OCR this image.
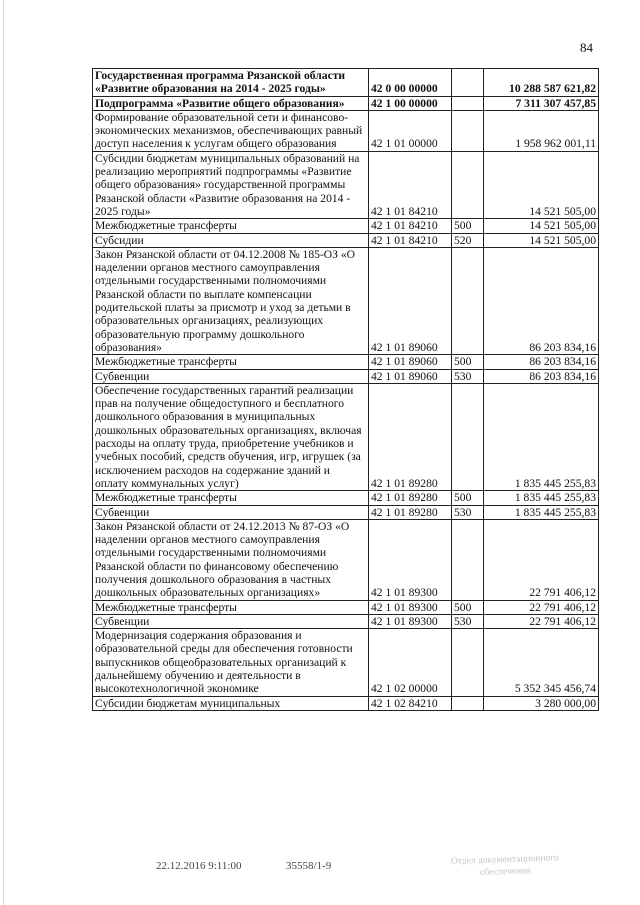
84
Государственная программа Рязанской области «Развитие образования на 2014 - 2025 годы»	42 0 00 00000		10 288 587 621,82
Подпрограмма «Развитие общего образования»	42 1 00 00000		7 311 307 457,85
Формирование образовательной сети и финансово-экономических механизмов, обеспечивающих равный доступ населения к услугам общего образования	42 1 01 00000		1 958 962 001,11
Субсидии бюджетам муниципальных образований на реализацию мероприятий подпрограммы «Развитие общего образования» государственной программы Рязанской области «Развитие образования на 2014 - 2025 годы»	42 1 01 84210		14 521 505,00
Межбюджетные трансферты	42 1 01 84210	500	14 521 505,00
Субсидии	42 1 01 84210	520	14 521 505,00
Закон Рязанской области от 04.12.2008 № 185-ОЗ «О наделении органов местного самоуправления отдельными государственными полномочиями Рязанской области по выплате компенсации родительской платы за присмотр и уход за детьми в образовательных организациях, реализующих образовательную программу дошкольного образования»	42 1 01 89060		86 203 834,16
Межбюджетные трансферты	42 1 01 89060	500	86 203 834,16
Субвенции	42 1 01 89060	530	86 203 834,16
Обеспечение государственных гарантий реализации прав на получение общедоступного и бесплатного дошкольного образования в муниципальных дошкольных образовательных организациях, включая расходы на оплату труда, приобретение учебников и учебных пособий, средств обучения, игр, игрушек (за исключением расходов на содержание зданий и оплату коммунальных услуг)	42 1 01 89280		1 835 445 255,83
Межбюджетные трансферты	42 1 01 89280	500	1 835 445 255,83
Субвенции	42 1 01 89280	530	1 835 445 255,83
Закон Рязанской области от 24.12.2013 № 87-ОЗ «О наделении органов местного самоуправления отдельными государственными полномочиями Рязанской области по финансовому обеспечению получения дошкольного образования в частных дошкольных образовательных организациях»	42 1 01 89300		22 791 406,12
Межбюджетные трансферты	42 1 01 89300	500	22 791 406,12
Субвенции	42 1 01 89300	530	22 791 406,12
Модернизация содержания образования и образовательной среды для обеспечения готовности выпускников общеобразовательных организаций к дальнейшему обучению и деятельности в высокотехнологичной экономике	42 1 02 00000		5 352 345 456,74
Субсидии бюджетам муниципальных	42 1 02 84210		3 280 000,00
22.12.2016 9:11:00	35558/1-9	Отдел документационного обеспечения
